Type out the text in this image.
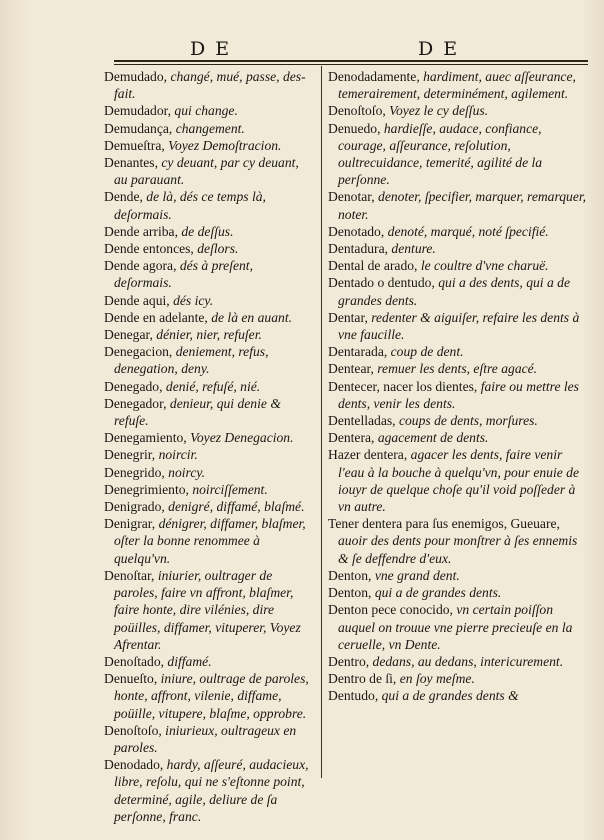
D E	D E
Demudado, changé, mué, passe, des-fait.
Demudador, qui change.
Demudança, changement.
Demueſtra, Voyez Demoſtracion.
Denantes, cy deuant, par cy deuant, au parauant.
Dende, de là, dés ce temps là, deſormais.
Dende arriba, de deſſus.
Dende entonces, deſlors.
Dende agora, dés à preſent, deſormais.
Dende aqui, dés icy.
Dende en adelante, de là en auant.
Denegar, dénier, nier, refuſer.
Denegacion, deniement, refus, denegation, deny.
Denegado, denié, refuſé, nié.
Denegador, denieur, qui denie & refuſe.
Denegamiento, Voyez Denegacion.
Denegrir, noircir.
Denegrido, noircy.
Denegrimiento, noirciſſement.
Denigrado, denigré, diffamé, blaſmé.
Denigrar, dénigrer, diffamer, blaſmer, oſter la bonne renommee à quelqu'vn.
Denoſtar, iniurier, oultrager de paroles, faire vn affront, blaſmer, faire honte, dire vilénies, dire poüilles, diffamer, vituperer, Voyez Afrentar.
Denoſtado, diffamé.
Denueſto, iniure, oultrage de paroles, honte, affront, vilenie, diffame, poüille, vitupere, blaſme, opprobre.
Denoſtoſo, iniurieux, oultrageux en paroles.
Denodado, hardy, aſſeuré, audacieux, libre, reſolu, qui ne s'eſtonne point, determiné, agile, deliure de ſa perſonne, franc.
Denodadamente, hardiment, auec aſſeurance, temerairement, determinément, agilement.
Denoſtoſo, Voyez le cy deſſus.
Denuedo, hardieſſe, audace, confiance, courage, aſſeurance, reſolution, oultrecuidance, temerité, agilité de la perſonne.
Denotar, denoter, ſpecifier, marquer, remarquer, noter.
Denotado, denoté, marqué, noté ſpecifié.
Dentadura, denture.
Dental de arado, le coultre d'vne charuë.
Dentado o dentudo, qui a des dents, qui a de grandes dents.
Dentar, redenter & aiguiſer, refaire les dents à vne faucille.
Dentarada, coup de dent.
Dentear, remuer les dents, eſtre agacé.
Dentecer, nacer los dientes, faire ou mettre les dents, venir les dents.
Dentelladas, coups de dents, morſures.
Dentera, agacement de dents.
Hazer dentera, agacer les dents, faire venir l'eau à la bouche à quelqu'vn, pour enuie de iouyr de quelque choſe qu'il void poſſeder à vn autre.
Tener dentera para ſus enemigos, Gueuare, auoir des dents pour monſtrer à ſes ennemis & ſe deffendre d'eux.
Denton, vne grand dent.
Denton, qui a de grandes dents.
Denton pece conocido, vn certain poiſſon auquel on trouue vne pierre precieuſe en la ceruelle, vn Dente.
Dentro, dedans, au dedans, intericurement.
Dentro de ſi, en ſoy meſme.
Dentudo, qui a de grandes dents &
